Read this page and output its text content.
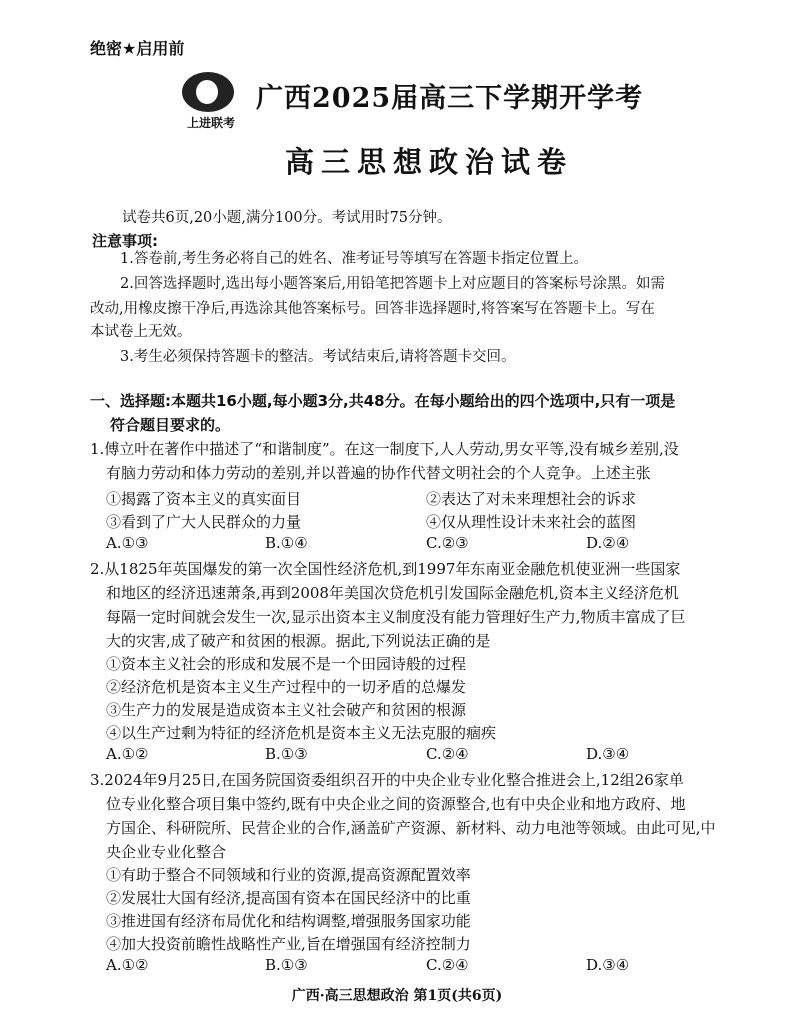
绝密★启用前
上进联考
广西2025届高三下学期开学考
高三思想政治试卷
试卷共6页,20小题,满分100分。考试用时75分钟。
注意事项:
1.答卷前,考生务必将自己的姓名、准考证号等填写在答题卡指定位置上。
2.回答选择题时,选出每小题答案后,用铅笔把答题卡上对应题目的答案标号涂黑。如需
改动,用橡皮擦干净后,再选涂其他答案标号。回答非选择题时,将答案写在答题卡上。写在
本试卷上无效。
3.考生必须保持答题卡的整洁。考试结束后,请将答题卡交回。
一、选择题:本题共16小题,每小题3分,共48分。在每小题给出的四个选项中,只有一项是
符合题目要求的。
1.傅立叶在著作中描述了“和谐制度”。在这一制度下,人人劳动,男女平等,没有城乡差别,没
有脑力劳动和体力劳动的差别,并以普遍的协作代替文明社会的个人竞争。上述主张
①揭露了资本主义的真实面目	②表达了对未来理想社会的诉求
③看到了广大人民群众的力量	④仅从理性设计未来社会的蓝图
A.①③	B.①④	C.②③	D.②④
2.从1825年英国爆发的第一次全国性经济危机,到1997年东南亚金融危机使亚洲一些国家
和地区的经济迅速萧条,再到2008年美国次贷危机引发国际金融危机,资本主义经济危机
每隔一定时间就会发生一次,显示出资本主义制度没有能力管理好生产力,物质丰富成了巨
大的灾害,成了破产和贫困的根源。据此,下列说法正确的是
①资本主义社会的形成和发展不是一个田园诗般的过程
②经济危机是资本主义生产过程中的一切矛盾的总爆发
③生产力的发展是造成资本主义社会破产和贫困的根源
④以生产过剩为特征的经济危机是资本主义无法克服的痼疾
A.①②	B.①③	C.②④	D.③④
3.2024年9月25日,在国务院国资委组织召开的中央企业专业化整合推进会上,12组26家单
位专业化整合项目集中签约,既有中央企业之间的资源整合,也有中央企业和地方政府、地
方国企、科研院所、民营企业的合作,涵盖矿产资源、新材料、动力电池等领域。由此可见,中
央企业专业化整合
①有助于整合不同领域和行业的资源,提高资源配置效率
②发展壮大国有经济,提高国有资本在国民经济中的比重
③推进国有经济布局优化和结构调整,增强服务国家功能
④加大投资前瞻性战略性产业,旨在增强国有经济控制力
A.①②	B.①③	C.②④	D.③④
广西·高三思想政治 第1页(共6页)
